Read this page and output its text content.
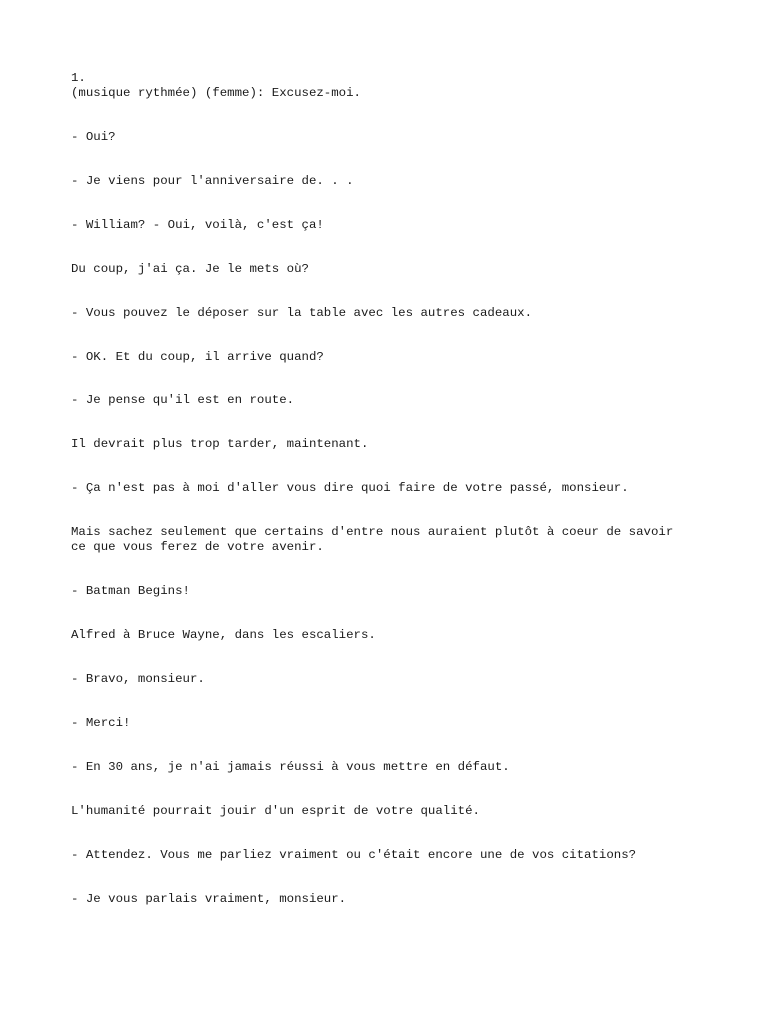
1.
(musique rythmée) (femme): Excusez-moi.
- Oui?
- Je viens pour l'anniversaire de. . .
- William? - Oui, voilà, c'est ça!
Du coup, j'ai ça. Je le mets où?
- Vous pouvez le déposer sur la table avec les autres cadeaux.
- OK. Et du coup, il arrive quand?
- Je pense qu'il est en route.
Il devrait plus trop tarder, maintenant.
- Ça n'est pas à moi d'aller vous dire quoi faire de votre passé, monsieur.
Mais sachez seulement que certains d'entre nous auraient plutôt à coeur de savoir
ce que vous ferez de votre avenir.
- Batman Begins!
Alfred à Bruce Wayne, dans les escaliers.
- Bravo, monsieur.
- Merci!
- En 30 ans, je n'ai jamais réussi à vous mettre en défaut.
L'humanité pourrait jouir d'un esprit de votre qualité.
- Attendez. Vous me parliez vraiment ou c'était encore une de vos citations?
- Je vous parlais vraiment, monsieur.
